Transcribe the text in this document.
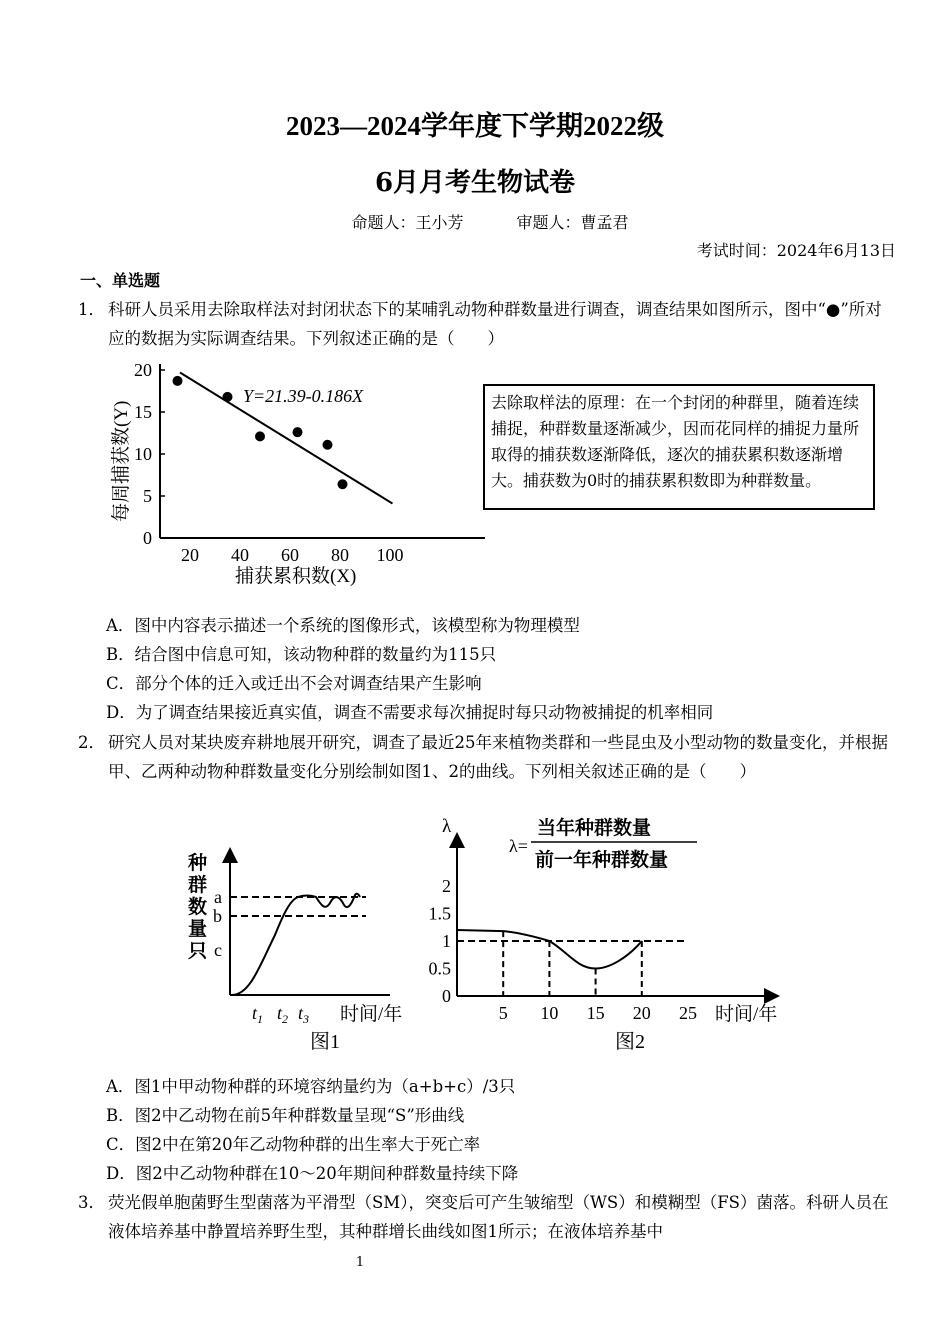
2023—2024学年度下学期2022级
6月月考生物试卷
命题人：王小芳	审题人：曹孟君
考试时间：2024年6月13日
一、单选题
1． 科研人员采用去除取样法对封闭状态下的某哺乳动物种群数量进行调查，调查结果如图所示，图中“●”所对应的数据为实际调查结果。下列叙述正确的是（　　）
0
5
10
15
20
20 40 60 80 100
Y=21.39-0.186X
每周捕获数(Y)
捕获累积数(X)
去除取样法的原理：在一个封闭的种群里，随着连续捕捉，种群数量逐渐减少，因而花同样的捕捉力量所取得的捕获数逐渐降低，逐次的捕获累积数逐渐增大。捕获数为0时的捕获累积数即为种群数量。
A．图中内容表示描述一个系统的图像形式，该模型称为物理模型
B．结合图中信息可知，该动物种群的数量约为115只
C．部分个体的迁入或迁出不会对调查结果产生影响
D．为了调查结果接近真实值，调查不需要求每次捕捉时每只动物被捕捉的机率相同
2． 研究人员对某块废弃耕地展开研究，调查了最近25年来植物类群和一些昆虫及小型动物的数量变化，并根据甲、乙两种动物种群数量变化分别绘制如图1、2的曲线。下列相关叙述正确的是（　　）
a
b
c
$t_1$ $t_2$ $t_3$
种群数量只
时间/年
图1
λ
λ=
当年种群数量
前一年种群数量
0
0.5
1
1.5
2
5 10 15 20 25 时间/年
图2
A．图1中甲动物种群的环境容纳量约为（a+b+c）/3只
B．图2中乙动物在前5年种群数量呈现“S”形曲线
C．图2中在第20年乙动物种群的出生率大于死亡率
D．图2中乙动物种群在10～20年期间种群数量持续下降
3． 荧光假单胞菌野生型菌落为平滑型（SM），突变后可产生皱缩型（WS）和模糊型（FS）菌落。科研人员在液体培养基中静置培养野生型，其种群增长曲线如图1所示；在液体培养基中
1
